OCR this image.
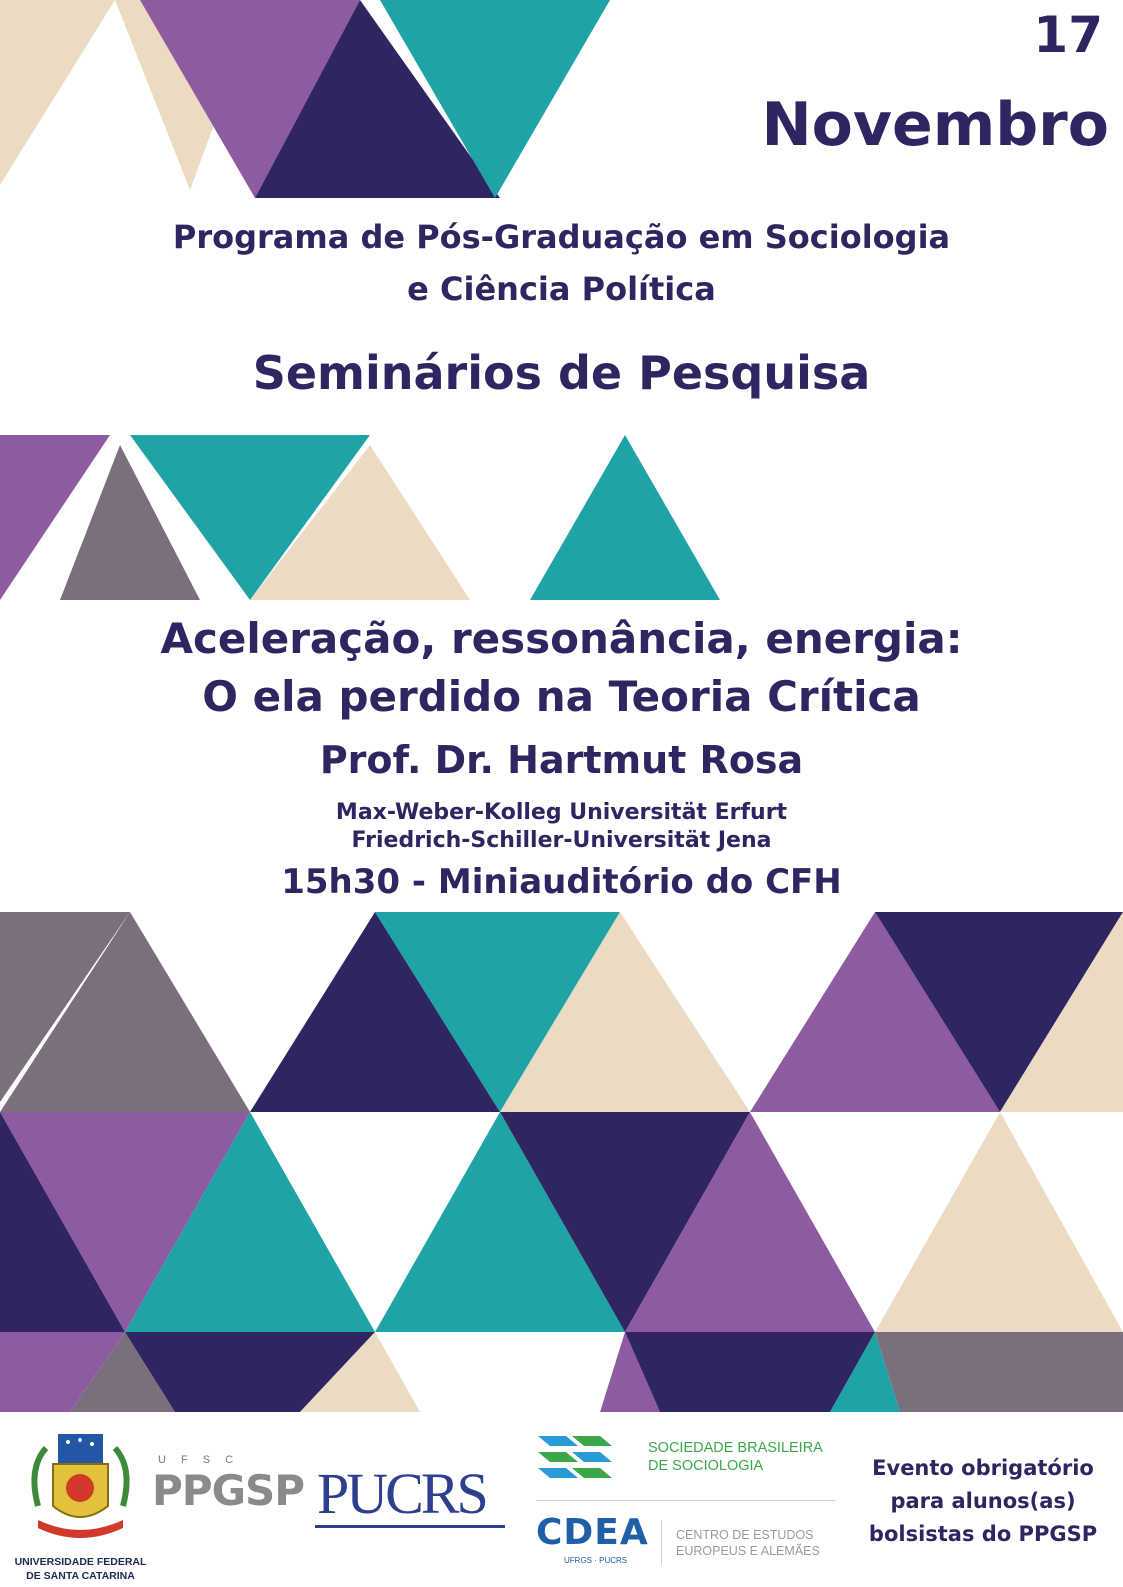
17
Novembro
Programa de Pós-Graduação em Sociologia
e Ciência Política
Seminários de Pesquisa
Aceleração, ressonância, energia:
O ela perdido na Teoria Crítica
Prof. Dr. Hartmut Rosa
Max-Weber-Kolleg Universität Erfurt
Friedrich-Schiller-Universität Jena
15h30 - Miniauditório do CFH
UNIVERSIDADE FEDERAL
DE SANTA CATARINA
U F S C
PPGSP PUCRS
SOCIEDADE BRASILEIRA
DE SOCIOLOGIA
CDEA
UFRGS · PUCRS
CENTRO DE ESTUDOS
EUROPEUS E ALEMÃES
Evento obrigatório
para alunos(as)
bolsistas do PPGSP
